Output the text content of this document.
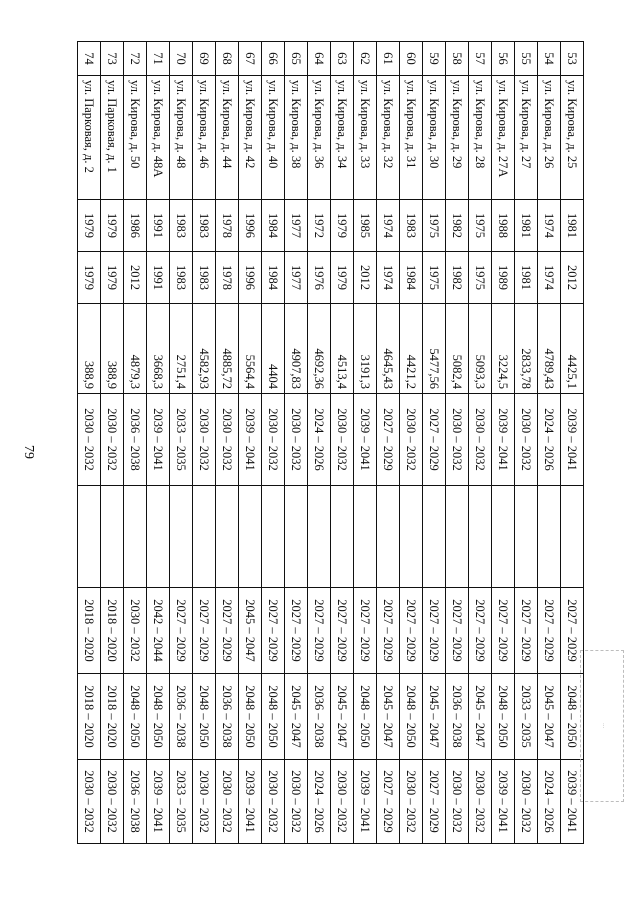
79
53	ул. Кирова, д. 25	1981	2012	4425,1	2039 – 2041		2027 – 2029	2048 – 2050	2039 – 2041
54	ул. Кирова, д. 26	1974	1974	4789,43	2024 – 2026		2027 – 2029	2045 – 2047	2024 – 2026
55	ул. Кирова, д. 27	1981	1981	2833,78	2030 – 2032		2027 – 2029	2033 – 2035	2030 – 2032
56	ул. Кирова, д. 27А	1988	1989	3224,5	2039 – 2041		2027 – 2029	2048 – 2050	2039 – 2041
57	ул. Кирова, д. 28	1975	1975	5093,3	2030 – 2032		2027 – 2029	2045 – 2047	2030 – 2032
58	ул. Кирова, д. 29	1982	1982	5082,4	2030 – 2032		2027 – 2029	2036 – 2038	2030 – 2032
59	ул. Кирова, д. 30	1975	1975	5477,56	2027 – 2029		2027 – 2029	2045 – 2047	2027 – 2029
60	ул. Кирова, д. 31	1983	1984	4421,2	2030 – 2032		2027 – 2029	2048 – 2050	2030 – 2032
61	ул. Кирова, д. 32	1974	1974	4645,43	2027 – 2029		2027 – 2029	2045 – 2047	2027 – 2029
62	ул. Кирова, д. 33	1985	2012	3191,3	2039 – 2041		2027 – 2029	2048 – 2050	2039 – 2041
63	ул. Кирова, д. 34	1979	1979	4513,4	2030 – 2032		2027 – 2029	2045 – 2047	2030 – 2032
64	ул. Кирова, д. 36	1972	1976	4692,36	2024 – 2026		2027 – 2029	2036 – 2038	2024 – 2026
65	ул. Кирова, д. 38	1977	1977	4907,83	2030 – 2032		2027 – 2029	2045 – 2047	2030 – 2032
66	ул. Кирова, д. 40	1984	1984	4404	2030 – 2032		2027 – 2029	2048 – 2050	2030 – 2032
67	ул. Кирова, д. 42	1996	1996	5564,4	2039 – 2041		2045 – 2047	2048 – 2050	2039 – 2041
68	ул. Кирова, д. 44	1978	1978	4885,72	2030 – 2032		2027 – 2029	2036 – 2038	2030 – 2032
69	ул. Кирова, д. 46	1983	1983	4582,93	2030 – 2032		2027 – 2029	2048 – 2050	2030 – 2032
70	ул. Кирова, д. 48	1983	1983	2751,4	2033 – 2035		2027 – 2029	2036 – 2038	2033 – 2035
71	ул. Кирова, д. 48А	1991	1991	3668,3	2039 – 2041		2042 – 2044	2048 – 2050	2039 – 2041
72	ул. Кирова, д. 50	1986	2012	4879,3	2036 – 2038		2030 – 2032	2048 – 2050	2036 – 2038
73	ул. Парковая, д. 1	1979	1979	388,9	2030 – 2032		2018 – 2020	2018 – 2020	2030 – 2032
74	ул. Парковая, д. 2	1979	1979	388,9	2030 – 2032		2018 – 2020	2018 – 2020	2030 – 2032
...
